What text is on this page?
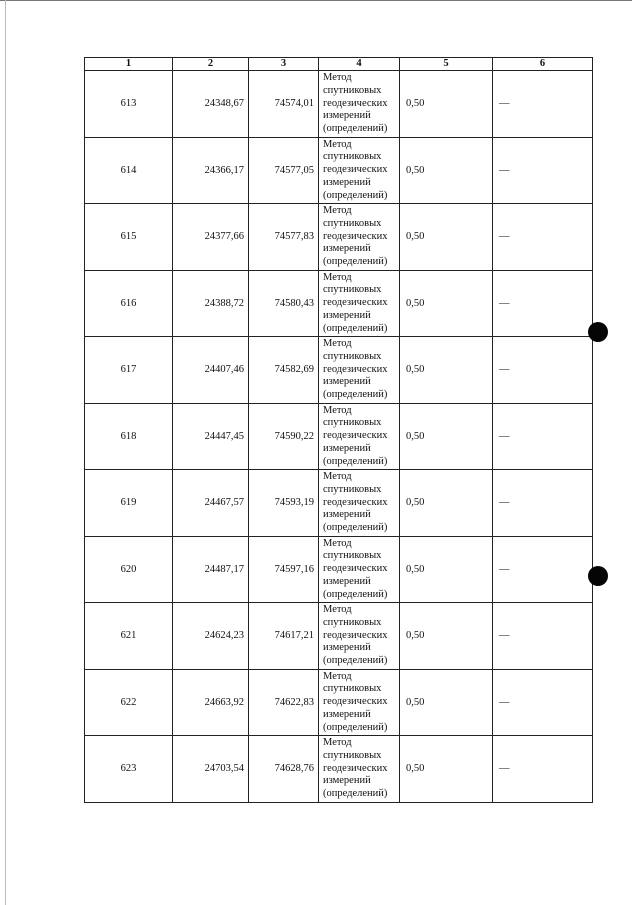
1	2	3	4	5	6
613	24348,67	74574,01	Метод
спутниковых
геодезических
измерений
(определений)	0,50	—
614	24366,17	74577,05	Метод
спутниковых
геодезических
измерений
(определений)	0,50	—
615	24377,66	74577,83	Метод
спутниковых
геодезических
измерений
(определений)	0,50	—
616	24388,72	74580,43	Метод
спутниковых
геодезических
измерений
(определений)	0,50	—
617	24407,46	74582,69	Метод
спутниковых
геодезических
измерений
(определений)	0,50	—
618	24447,45	74590,22	Метод
спутниковых
геодезических
измерений
(определений)	0,50	—
619	24467,57	74593,19	Метод
спутниковых
геодезических
измерений
(определений)	0,50	—
620	24487,17	74597,16	Метод
спутниковых
геодезических
измерений
(определений)	0,50	—
621	24624,23	74617,21	Метод
спутниковых
геодезических
измерений
(определений)	0,50	—
622	24663,92	74622,83	Метод
спутниковых
геодезических
измерений
(определений)	0,50	—
623	24703,54	74628,76	Метод
спутниковых
геодезических
измерений
(определений)	0,50	—
